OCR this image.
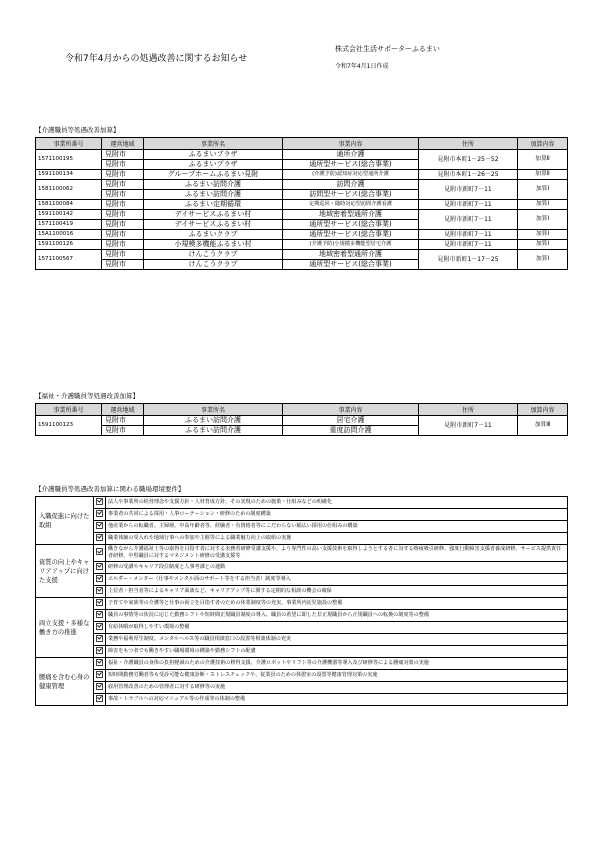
令和7年4月からの処遇改善に関するお知らせ
株式会社生活サポーターふるまい
令和7年4月1日作成
【介護職員等処遇改善加算】
事業所番号	運営地域	事業所名	事業内容	住所	加算内容
1571100195	見附市	ふるまいプラザ	通所介護	見附市本町1－25－52	加算Ⅱ
	見附市	ふるまいプラザ	通所型サービス(総合事業)		
1591100134	見附市	グループホームふるまい見附	(介護予防)認知症対応型通所介護	見附市本町1－26－25	加算Ⅱ
1581100062	見附市	ふるまい訪問介護	訪問介護	見附市新町7－11	加算Ⅰ
	見附市	ふるまい訪問介護	訪問型サービス(総合事業)		
1581100084	見附市	ふるまい定期循環	定期巡回・随時対応型訪問介護看護	見附市新町7－11	加算Ⅰ
1591100142	見附市	デイサービスふるまい村	地域密着型通所介護	見附市新町7－11	加算Ⅰ
1571100419	見附市	デイサービスふるまい村	通所型サービス(総合事業)		
15A1100016	見附市	ふるまいクラブ	通所型サービス(総合事業)	見附市新町7－11	加算Ⅰ
1591100126	見附市	小規模多機能ふるまい村	(介護予防)小規模多機能型居宅介護	見附市新町7－11	加算Ⅰ
1571100567	見附市	けんこうクラブ	地域密着型通所介護	見附市新町1－17－25	加算Ⅰ
	見附市	けんこうクラブ	通所型サービス(総合事業)		
【福祉・介護職員等処遇改善加算】
事業所番号	運営地域	事業所名	事業内容	住所	加算内容
1591100123	見附市	ふるまい訪問介護	居宅介護	見附市新町7－11	加算Ⅲ
	見附市	ふるまい訪問介護	重度訪問介護		
【介護職員等処遇改善加算に関わる職場環境要件】
入職促進に向けた取組		法人や事業所の経営理念や支援方針・人材育成方針、その実現のための施策・仕組みなどの明確化
		事業者の共同による採用・人事ローテーション・研修のための制度構築
		他産業からの転職者、主婦層、中高年齢者等、経験者・有資格者等にこだわらない幅広い採用の仕組みの構築
		職業体験の受入れや地域行事への参加や主催等による職業魅力向上の取組の実施
資質の向上やキャリアアップに向けた支援		働きながら介護福祉士等の取得を目指す者に対する実務者研修受講支援や、より専門性の高い支援技術を取得しようとする者に対する喀痰吸引研修、強度行動障害支援者養成研修、サービス提供責任者研修、中堅職員に対するマネジメント研修の受講支援等
		研修の受講やキャリア段位制度と人事考課との連動
		エルダー・メンター（仕事やメンタル面のサポート等をする担当者）制度等導入
		上位者・担当者等によるキャリア面談など、キャリアアップ等に関する定期的な相談の機会の確保
両立支援・多様な働き方の推進		子育てや家族等の介護等と仕事の両立を目指す者のための休業制度等の充実、事業所内託児施設の整備
		職員の事情等の状況に応じた勤務シフトや短時間正規職員制度の導入、職員の希望に即した非正規職員から正規職員への転換の制度等の整備
		有給休暇が取得しやすい環境の整備
		業務や福利厚生制度、メンタルヘルス等の職員相談窓口の設置等相談体制の充実
		障害をもつ者でも働きやすい職場環境の構築や勤務シフトの配慮
腰痛を含む心身の健康管理		福祉・介護職員の身体の負担軽減のための介護技術の修得支援、介護ロボットやリフト等の介護機器等導入及び研修等による腰痛対策の実施
		短時間勤務労働者等も受診可能な健康診断・ストレスチェックや、従業員のための休憩室の設置等健康管理対策の実施
		雇用管理改善のための管理者に対する研修等の実施
		事故・トラブルへの対応マニュアル等の作成等の体制の整備
